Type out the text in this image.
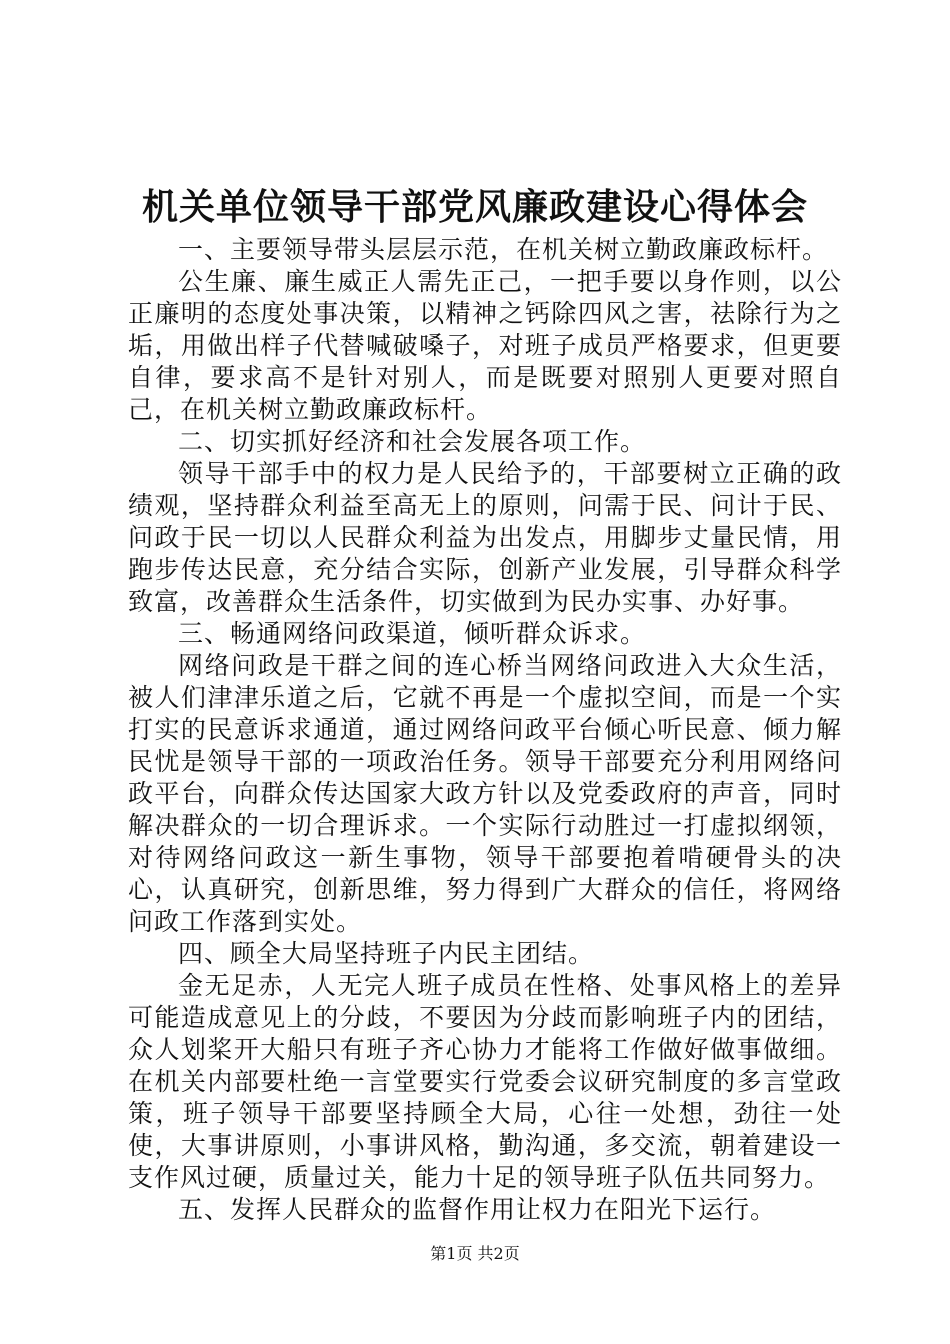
机关单位领导干部党风廉政建设心得体会

一、主要领导带头层层示范，在机关树立勤政廉政标杆。

公生廉、廉生威正人需先正己，一把手要以身作则，以公正廉明的态度处事决策，以精神之钙除四风之害，祛除行为之垢，用做出样子代替喊破嗓子，对班子成员严格要求，但更要自律，要求高不是针对别人，而是既要对照别人更要对照自己，在机关树立勤政廉政标杆。

二、切实抓好经济和社会发展各项工作。

领导干部手中的权力是人民给予的，干部要树立正确的政绩观，坚持群众利益至高无上的原则，问需于民、问计于民、问政于民一切以人民群众利益为出发点，用脚步丈量民情，用跑步传达民意，充分结合实际，创新产业发展，引导群众科学致富，改善群众生活条件，切实做到为民办实事、办好事。

三、畅通网络问政渠道，倾听群众诉求。

网络问政是干群之间的连心桥当网络问政进入大众生活，被人们津津乐道之后，它就不再是一个虚拟空间，而是一个实打实的民意诉求通道，通过网络问政平台倾心听民意、倾力解民忧是领导干部的一项政治任务。领导干部要充分利用网络问政平台，向群众传达国家大政方针以及党委政府的声音，同时解决群众的一切合理诉求。一个实际行动胜过一打虚拟纲领，对待网络问政这一新生事物，领导干部要抱着啃硬骨头的决心，认真研究，创新思维，努力得到广大群众的信任，将网络问政工作落到实处。

四、顾全大局坚持班子内民主团结。

金无足赤，人无完人班子成员在性格、处事风格上的差异可能造成意见上的分歧，不要因为分歧而影响班子内的团结，众人划桨开大船只有班子齐心协力才能将工作做好做事做细。在机关内部要杜绝一言堂要实行党委会议研究制度的多言堂政策，班子领导干部要坚持顾全大局，心往一处想，劲往一处使，大事讲原则，小事讲风格，勤沟通，多交流，朝着建设一支作风过硬，质量过关，能力十足的领导班子队伍共同努力。

五、发挥人民群众的监督作用让权力在阳光下运行。

第1页 共2页
